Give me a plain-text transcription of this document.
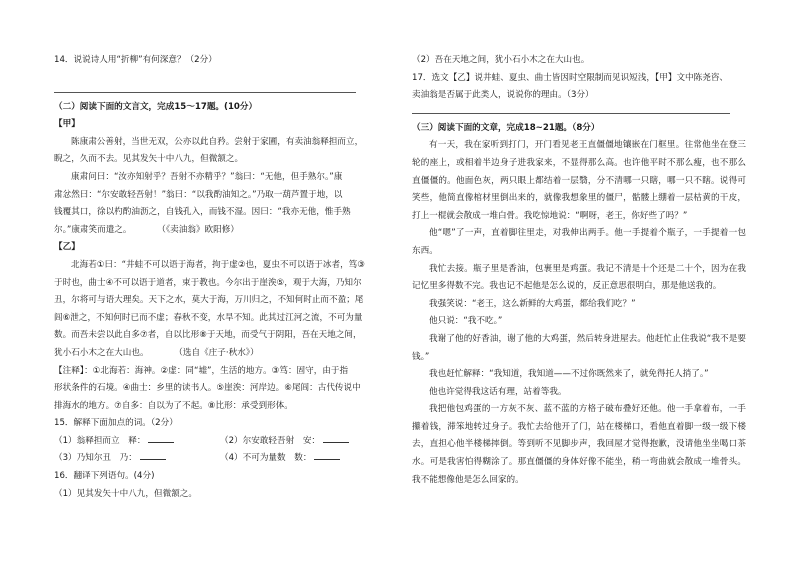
14．说说诗人用“折柳”有何深意？（2分）
（二）阅读下面的文言文，完成15～17题。(10分）
【甲】
陈康肃公善射，当世无双，公亦以此自矜。尝射于家圃，有卖油翁释担而立，
睨之，久而不去。见其发矢十中八九，但微颔之。
康肃问曰：“汝亦知射乎？吾射不亦精乎？”翁曰：“无他，但手熟尔。”康
肃忿然曰：“尔安敢轻吾射！”翁曰：“以我酌油知之。”乃取一葫芦置于地，以
钱覆其口，徐以杓酌油沥之，自钱孔入，而钱不湿。因曰：“我亦无他，惟手熟
尔。”康肃笑而遣之。　　　　（《卖油翁》欧阳修）
【乙】
北海若①曰：“井蛙不可以语于海者，拘于虚②也，夏虫不可以语于冰者，笃③
于时也，曲士④不可以语于道者，束于教也。今尔出于崖涘⑤，观于大海，乃知尔
丑，尔将可与语大理矣。天下之水，莫大于海，万川归之，不知何时止而不盈；尾
闾⑥泄之，不知何时已而不虚；春秋不变，水旱不知。此其过江河之流，不可为量
数。而吾未尝以此自多⑦者，自以比形⑧于天地，而受气于阴阳，吾在天地之间，
犹小石小木之在大山也。　　　　（选自《庄子·秋水》）
【注释】：①北海若：海神。②虚：同“墟”，生活的地方。③笃：固守，由于指
形状条件的石境。④曲士：乡里的读书人。⑤崖涘：河岸边。⑥尾闾：古代传说中
排海水的地方。⑦自多：自以为了不起。⑧比形：承受到形体。
15．解释下面加点的词。（2分）
（1）翁释担而立　 释：	（2）尔安敢轻吾射　 安：
（3）乃知尔丑　 乃：	（4）不可为量数　 数：
16．翻译下列语句。(4分)
（1）见其发矢十中八九，但微颔之。
（2）吾在天地之间，犹小石小木之在大山也。
17．选文【乙】说井蛙、夏虫、曲士皆因时空限制而见识短浅，【甲】文中陈尧咨、
卖油翁是否属于此类人，说说你的理由。（3分）
（三）阅读下面的文章，完成18~21题。（8分）
有一天，我在家听到打门，开门看见老王直僵僵地镶嵌在门框里。往常他坐在登三轮的座上，或相着半边身子进我家来，不显得那么高。也许他平时不那么瘦，也不那么直僵僵的。他面色灰，两只眼上都结着一层翳，分不清哪一只瞎，哪一只不瞎。说得可笑些，他简直像棺材里倒出来的，就像我想象里的僵尸，骷髅上绷着一层枯黄的干皮，打上一棍就会散成一堆白骨。我吃惊地说：“啊呀，老王，你好些了吗？”
他“嗯”了一声，直着脚往里走，对我伸出两手。他一手提着个瓶子，一手提着一包东西。
我忙去接。瓶子里是香油，包裹里是鸡蛋。我记不清是十个还是二十个，因为在我记忆里多得数不完。我也记不起他是怎么说的，反正意思很明白，那是他送我的。
我强笑说：“老王，这么新鲜的大鸡蛋，都给我们吃？”
他只说：“我不吃。”
我谢了他的好香油，谢了他的大鸡蛋，然后转身进屋去。他赶忙止住我说“我不是要钱。”
我也赶忙解释：“我知道，我知道——不过你既然来了，就免得托人捎了。”
他也许觉得我这话有理，站着等我。
我把他包鸡蛋的一方灰不灰、蓝不蓝的方格子破布叠好还他。他一手拿着布，一手攥着钱，滞笨地转过身子。我忙去给他开了门，站在楼梯口，看他直着脚一级一级下楼去，直担心他半楼梯摔倒。等到听不见脚步声，我回屋才觉得抱歉，没请他坐坐喝口茶水。可是我害怕得糊涂了。那直僵僵的身体好像不能坐，稍一弯曲就会散成一堆骨头。我不能想像他是怎么回家的。
